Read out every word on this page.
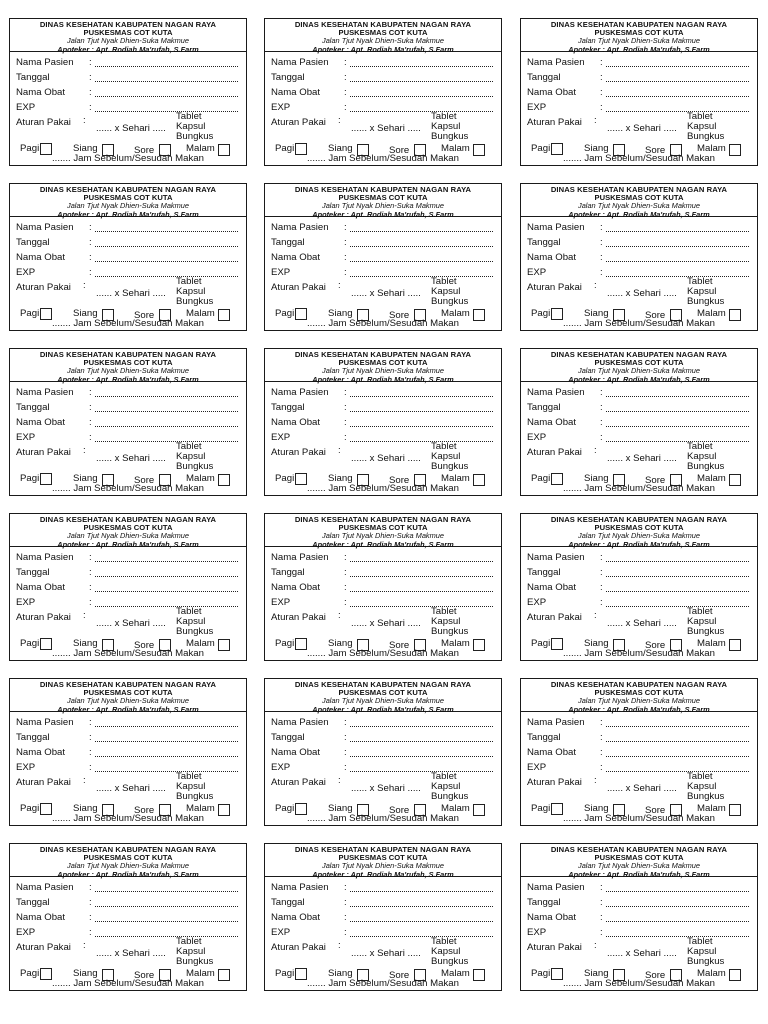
DINAS KESEHATAN KABUPATEN NAGAN RAYA
PUSKESMAS COT KUTA
Jalan Tjut Nyak Dhien-Suka Makmue
Apoteker : Apt. Rodiah Ma'rufah, S.Farm
Nama Pasien :
Tanggal	:
Nama Obat :
EXP	:
Aturan Pakai :
...... x Sehari .....
Tablet
Kapsul
Bungkus
Pagi	Siang	Sore	Malam
....... Jam Sebelum/Sesudah Makan
DINAS KESEHATAN KABUPATEN NAGAN RAYA
PUSKESMAS COT KUTA
Jalan Tjut Nyak Dhien-Suka Makmue
Apoteker : Apt. Rodiah Ma'rufah, S.Farm
Nama Pasien :
Tanggal	:
Nama Obat :
EXP	:
Aturan Pakai :
...... x Sehari .....
Tablet
Kapsul
Bungkus
Pagi	Siang	Sore	Malam
....... Jam Sebelum/Sesudah Makan
DINAS KESEHATAN KABUPATEN NAGAN RAYA
PUSKESMAS COT KUTA
Jalan Tjut Nyak Dhien-Suka Makmue
Apoteker : Apt. Rodiah Ma'rufah, S.Farm
Nama Pasien :
Tanggal	:
Nama Obat :
EXP	:
Aturan Pakai :
...... x Sehari .....
Tablet
Kapsul
Bungkus
Pagi	Siang	Sore	Malam
....... Jam Sebelum/Sesudah Makan
DINAS KESEHATAN KABUPATEN NAGAN RAYA
PUSKESMAS COT KUTA
Jalan Tjut Nyak Dhien-Suka Makmue
Apoteker : Apt. Rodiah Ma'rufah, S.Farm
Nama Pasien :
Tanggal	:
Nama Obat :
EXP	:
Aturan Pakai :
...... x Sehari .....
Tablet
Kapsul
Bungkus
Pagi	Siang	Sore	Malam
....... Jam Sebelum/Sesudah Makan
DINAS KESEHATAN KABUPATEN NAGAN RAYA
PUSKESMAS COT KUTA
Jalan Tjut Nyak Dhien-Suka Makmue
Apoteker : Apt. Rodiah Ma'rufah, S.Farm
Nama Pasien :
Tanggal	:
Nama Obat :
EXP	:
Aturan Pakai :
...... x Sehari .....
Tablet
Kapsul
Bungkus
Pagi	Siang	Sore	Malam
....... Jam Sebelum/Sesudah Makan
DINAS KESEHATAN KABUPATEN NAGAN RAYA
PUSKESMAS COT KUTA
Jalan Tjut Nyak Dhien-Suka Makmue
Apoteker : Apt. Rodiah Ma'rufah, S.Farm
Nama Pasien :
Tanggal	:
Nama Obat :
EXP	:
Aturan Pakai :
...... x Sehari .....
Tablet
Kapsul
Bungkus
Pagi	Siang	Sore	Malam
....... Jam Sebelum/Sesudah Makan
DINAS KESEHATAN KABUPATEN NAGAN RAYA
PUSKESMAS COT KUTA
Jalan Tjut Nyak Dhien-Suka Makmue
Apoteker : Apt. Rodiah Ma'rufah, S.Farm
Nama Pasien :
Tanggal	:
Nama Obat :
EXP	:
Aturan Pakai :
...... x Sehari .....
Tablet
Kapsul
Bungkus
Pagi	Siang	Sore	Malam
....... Jam Sebelum/Sesudah Makan
DINAS KESEHATAN KABUPATEN NAGAN RAYA
PUSKESMAS COT KUTA
Jalan Tjut Nyak Dhien-Suka Makmue
Apoteker : Apt. Rodiah Ma'rufah, S.Farm
Nama Pasien :
Tanggal	:
Nama Obat :
EXP	:
Aturan Pakai :
...... x Sehari .....
Tablet
Kapsul
Bungkus
Pagi	Siang	Sore	Malam
....... Jam Sebelum/Sesudah Makan
DINAS KESEHATAN KABUPATEN NAGAN RAYA
PUSKESMAS COT KUTA
Jalan Tjut Nyak Dhien-Suka Makmue
Apoteker : Apt. Rodiah Ma'rufah, S.Farm
Nama Pasien :
Tanggal	:
Nama Obat :
EXP	:
Aturan Pakai :
...... x Sehari .....
Tablet
Kapsul
Bungkus
Pagi	Siang	Sore	Malam
....... Jam Sebelum/Sesudah Makan
DINAS KESEHATAN KABUPATEN NAGAN RAYA
PUSKESMAS COT KUTA
Jalan Tjut Nyak Dhien-Suka Makmue
Apoteker : Apt. Rodiah Ma'rufah, S.Farm
Nama Pasien :
Tanggal	:
Nama Obat :
EXP	:
Aturan Pakai :
...... x Sehari .....
Tablet
Kapsul
Bungkus
Pagi	Siang	Sore	Malam
....... Jam Sebelum/Sesudah Makan
DINAS KESEHATAN KABUPATEN NAGAN RAYA
PUSKESMAS COT KUTA
Jalan Tjut Nyak Dhien-Suka Makmue
Apoteker : Apt. Rodiah Ma'rufah, S.Farm
Nama Pasien :
Tanggal	:
Nama Obat :
EXP	:
Aturan Pakai :
...... x Sehari .....
Tablet
Kapsul
Bungkus
Pagi	Siang	Sore	Malam
....... Jam Sebelum/Sesudah Makan
DINAS KESEHATAN KABUPATEN NAGAN RAYA
PUSKESMAS COT KUTA
Jalan Tjut Nyak Dhien-Suka Makmue
Apoteker : Apt. Rodiah Ma'rufah, S.Farm
Nama Pasien :
Tanggal	:
Nama Obat :
EXP	:
Aturan Pakai :
...... x Sehari .....
Tablet
Kapsul
Bungkus
Pagi	Siang	Sore	Malam
....... Jam Sebelum/Sesudah Makan
DINAS KESEHATAN KABUPATEN NAGAN RAYA
PUSKESMAS COT KUTA
Jalan Tjut Nyak Dhien-Suka Makmue
Apoteker : Apt. Rodiah Ma'rufah, S.Farm
Nama Pasien :
Tanggal	:
Nama Obat :
EXP	:
Aturan Pakai :
...... x Sehari .....
Tablet
Kapsul
Bungkus
Pagi	Siang	Sore	Malam
....... Jam Sebelum/Sesudah Makan
DINAS KESEHATAN KABUPATEN NAGAN RAYA
PUSKESMAS COT KUTA
Jalan Tjut Nyak Dhien-Suka Makmue
Apoteker : Apt. Rodiah Ma'rufah, S.Farm
Nama Pasien :
Tanggal	:
Nama Obat :
EXP	:
Aturan Pakai :
...... x Sehari .....
Tablet
Kapsul
Bungkus
Pagi	Siang	Sore	Malam
....... Jam Sebelum/Sesudah Makan
DINAS KESEHATAN KABUPATEN NAGAN RAYA
PUSKESMAS COT KUTA
Jalan Tjut Nyak Dhien-Suka Makmue
Apoteker : Apt. Rodiah Ma'rufah, S.Farm
Nama Pasien :
Tanggal	:
Nama Obat :
EXP	:
Aturan Pakai :
...... x Sehari .....
Tablet
Kapsul
Bungkus
Pagi	Siang	Sore	Malam
....... Jam Sebelum/Sesudah Makan
DINAS KESEHATAN KABUPATEN NAGAN RAYA
PUSKESMAS COT KUTA
Jalan Tjut Nyak Dhien-Suka Makmue
Apoteker : Apt. Rodiah Ma'rufah, S.Farm
Nama Pasien :
Tanggal	:
Nama Obat :
EXP	:
Aturan Pakai :
...... x Sehari .....
Tablet
Kapsul
Bungkus
Pagi	Siang	Sore	Malam
....... Jam Sebelum/Sesudah Makan
DINAS KESEHATAN KABUPATEN NAGAN RAYA
PUSKESMAS COT KUTA
Jalan Tjut Nyak Dhien-Suka Makmue
Apoteker : Apt. Rodiah Ma'rufah, S.Farm
Nama Pasien :
Tanggal	:
Nama Obat :
EXP	:
Aturan Pakai :
...... x Sehari .....
Tablet
Kapsul
Bungkus
Pagi	Siang	Sore	Malam
....... Jam Sebelum/Sesudah Makan
DINAS KESEHATAN KABUPATEN NAGAN RAYA
PUSKESMAS COT KUTA
Jalan Tjut Nyak Dhien-Suka Makmue
Apoteker : Apt. Rodiah Ma'rufah, S.Farm
Nama Pasien :
Tanggal	:
Nama Obat :
EXP	:
Aturan Pakai :
...... x Sehari .....
Tablet
Kapsul
Bungkus
Pagi	Siang	Sore	Malam
....... Jam Sebelum/Sesudah Makan
